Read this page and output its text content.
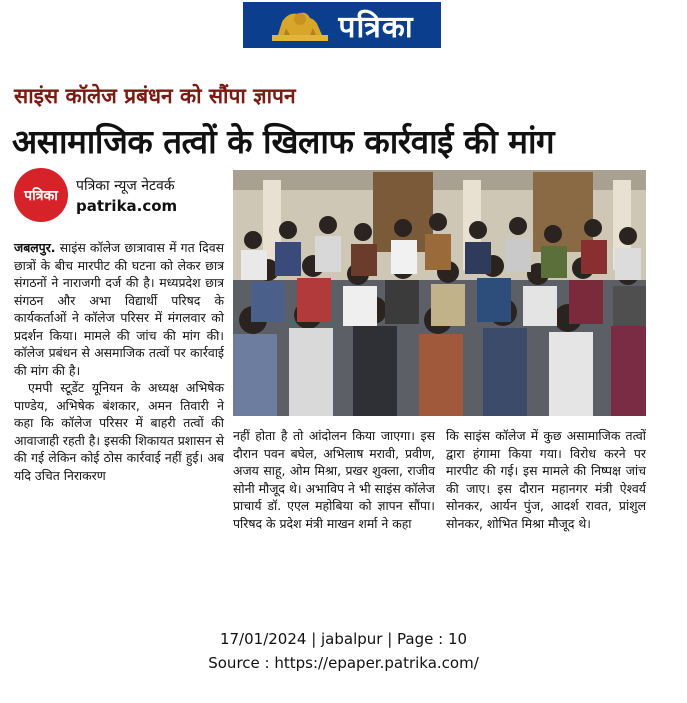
पत्रिका
साइंस कॉलेज प्रबंधन को सौंपा ज्ञापन
असामाजिक तत्वों के खिलाफ कार्रवाई की मांग
पत्रिका
पत्रिका न्यूज नेटवर्क
patrika.com

जबलपुर. साइंस कॉलेज छात्रावास में गत दिवस छात्रों के बीच मारपीट की घटना को लेकर छात्र संगठनों ने नाराजगी दर्ज की है। मध्यप्रदेश छात्र संगठन और अभा विद्यार्थी परिषद के कार्यकर्ताओं ने कॉलेज परिसर में मंगलवार को प्रदर्शन किया। मामले की जांच की मांग की। कॉलेज प्रबंधन से असमाजिक तत्वों पर कार्रवाई की मांग की है।

एमपी स्टूडेंट यूनियन के अध्यक्ष अभिषेक पाण्डेय, अभिषेक बंशकार, अमन तिवारी ने कहा कि कॉलेज परिसर में बाहरी तत्वों की आवाजाही रहती है। इसकी शिकायत प्रशासन से की गई लेकिन कोई ठोस कार्रवाई नहीं हुई। अब यदि उचित निराकरण

नहीं होता है तो आंदोलन किया जाएगा। इस दौरान पवन बघेल, अभिलाष मरावी, प्रवीण, अजय साहू, ओम मिश्रा, प्रखर शुक्ला, राजीव सोनी मौजूद थे। अभाविप ने भी साइंस कॉलेज प्राचार्य डॉ. एएल महोबिया को ज्ञापन सौंपा। परिषद के प्रदेश मंत्री माखन शर्मा ने कहा

कि साइंस कॉलेज में कुछ असामाजिक तत्वों द्वारा हंगामा किया गया। विरोध करने पर मारपीट की गई। इस मामले की निष्पक्ष जांच की जाए। इस दौरान महानगर मंत्री ऐश्वर्य सोनकर, आर्यन पुंज, आदर्श रावत, प्रांशुल सोनकर, शोभित मिश्रा मौजूद थे।

17/01/2024 | jabalpur | Page : 10
Source : https://epaper.patrika.com/
